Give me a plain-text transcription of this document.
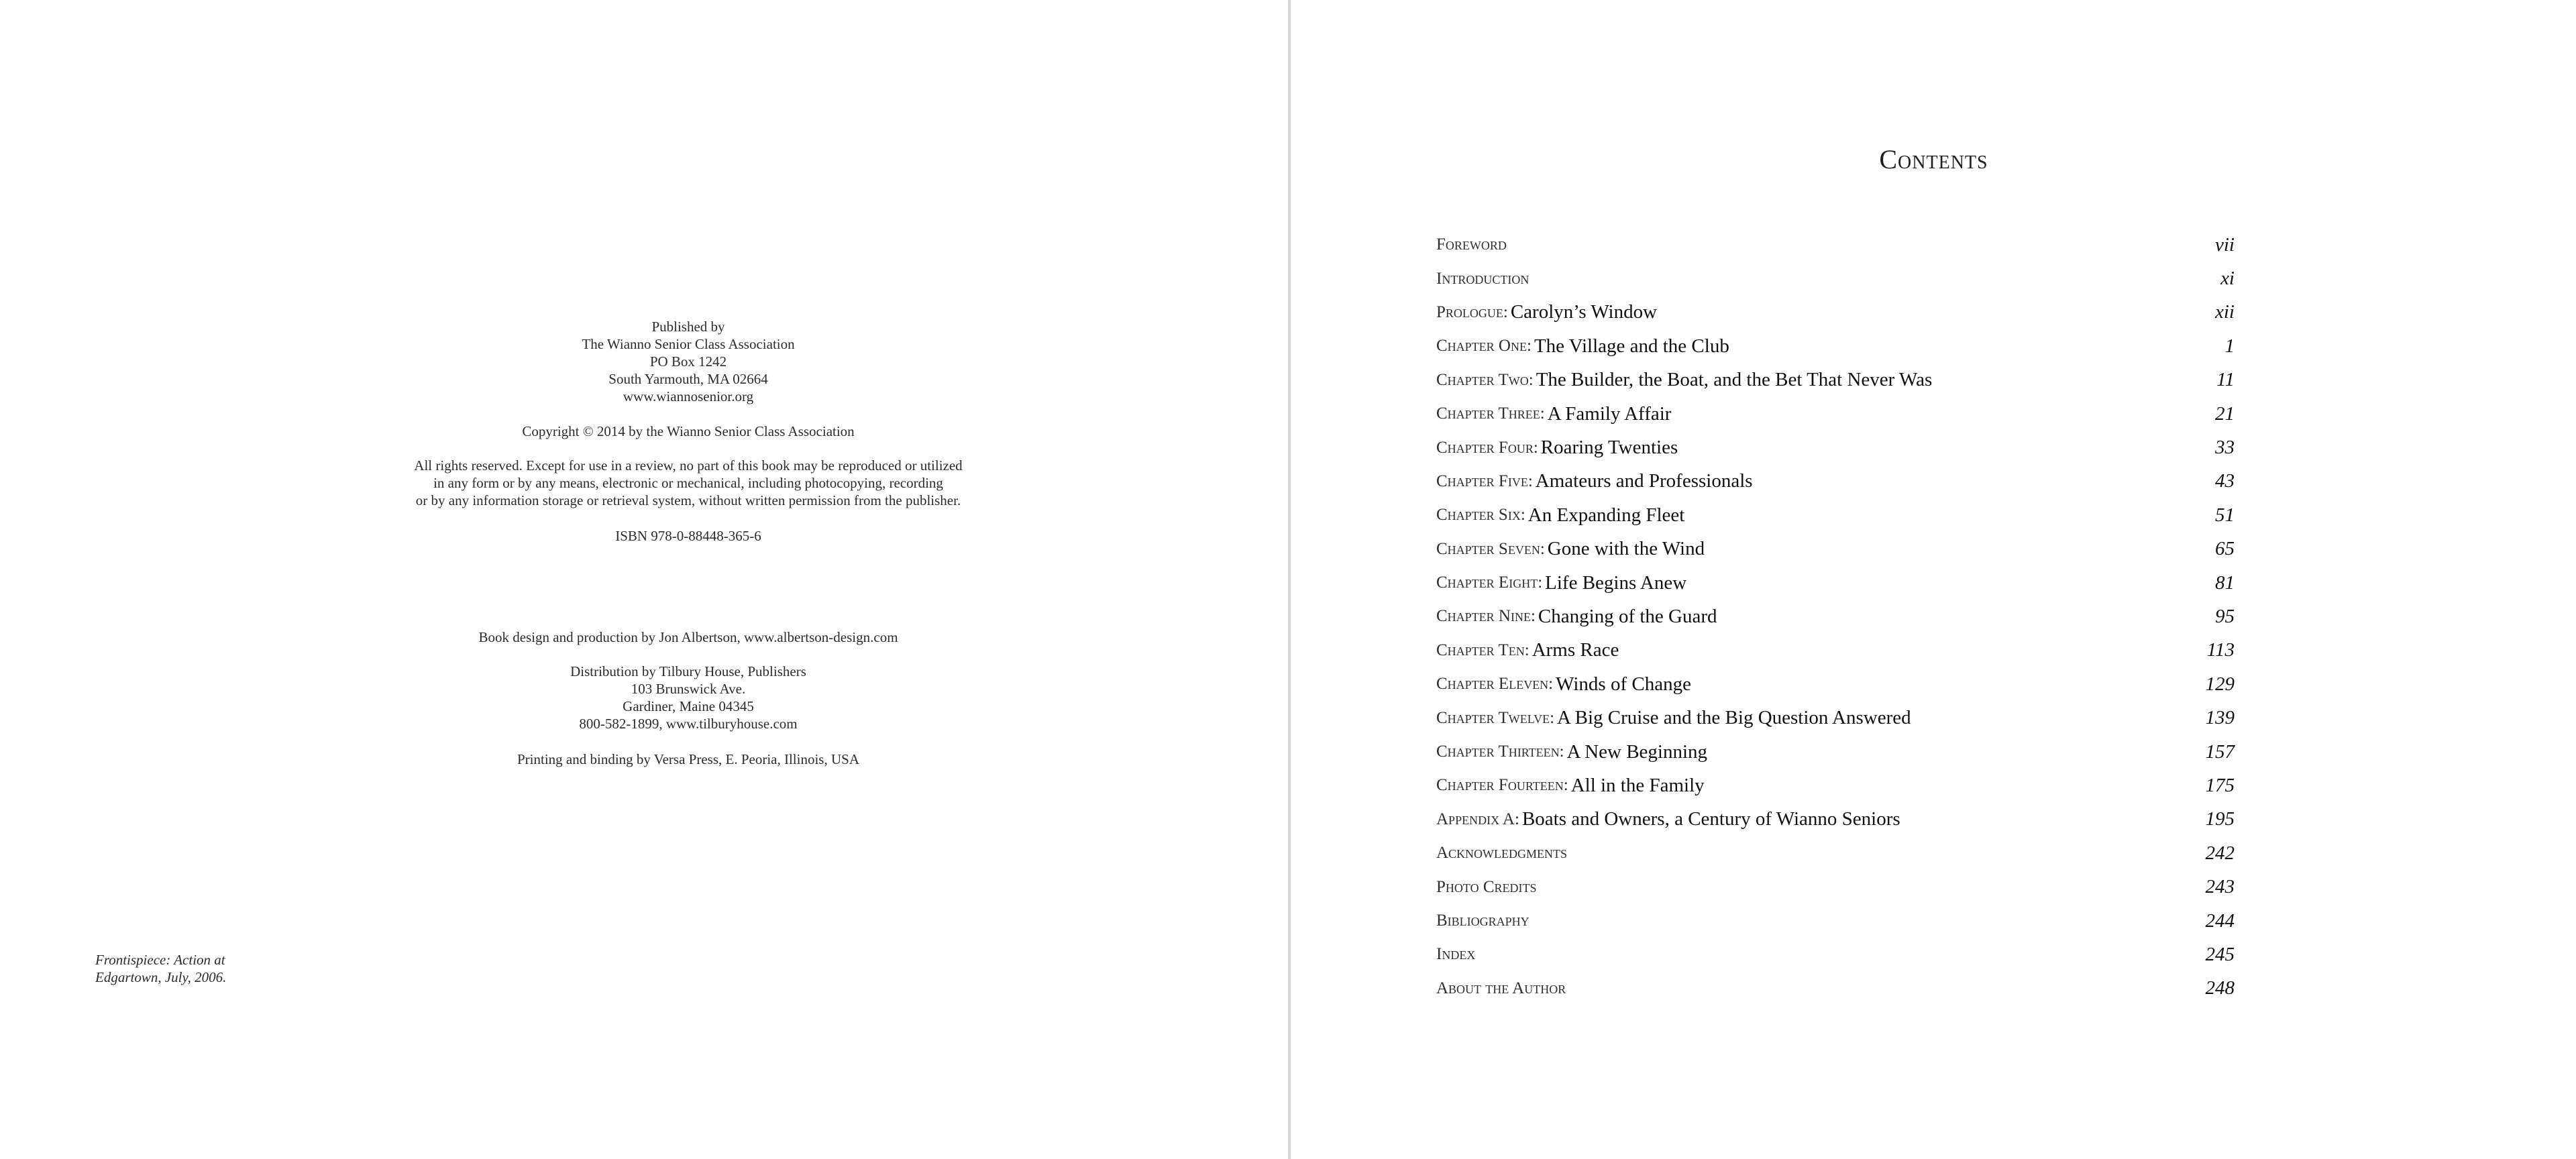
Published by
The Wianno Senior Class Association
PO Box 1242
South Yarmouth, MA 02664
www.wiannosenior.org
Copyright © 2014 by the Wianno Senior Class Association
All rights reserved. Except for use in a review, no part of this book may be reproduced or utilized
in any form or by any means, electronic or mechanical, including photocopying, recording
or by any information storage or retrieval system, without written permission from the publisher.
ISBN 978-0-88448-365-6
Book design and production by Jon Albertson, www.albertson-design.com
Distribution by Tilbury House, Publishers
103 Brunswick Ave.
Gardiner, Maine 04345
800-582-1899, www.tilburyhouse.com
Printing and binding by Versa Press, E. Peoria, Illinois, USA
Frontispiece: Action at
Edgartown, July, 2006.
Contents
Foreword	vii
Introduction	xi
Prologue: Carolyn’s Window	xii
Chapter One: The Village and the Club	1
Chapter Two: The Builder, the Boat, and the Bet That Never Was	11
Chapter Three: A Family Affair	21
Chapter Four: Roaring Twenties	33
Chapter Five: Amateurs and Professionals	43
Chapter Six: An Expanding Fleet	51
Chapter Seven: Gone with the Wind	65
Chapter Eight: Life Begins Anew	81
Chapter Nine: Changing of the Guard	95
Chapter Ten: Arms Race	113
Chapter Eleven: Winds of Change	129
Chapter Twelve: A Big Cruise and the Big Question Answered	139
Chapter Thirteen: A New Beginning	157
Chapter Fourteen: All in the Family	175
Appendix A: Boats and Owners, a Century of Wianno Seniors	195
Acknowledgments	242
Photo Credits	243
Bibliography	244
Index	245
About the Author	248
